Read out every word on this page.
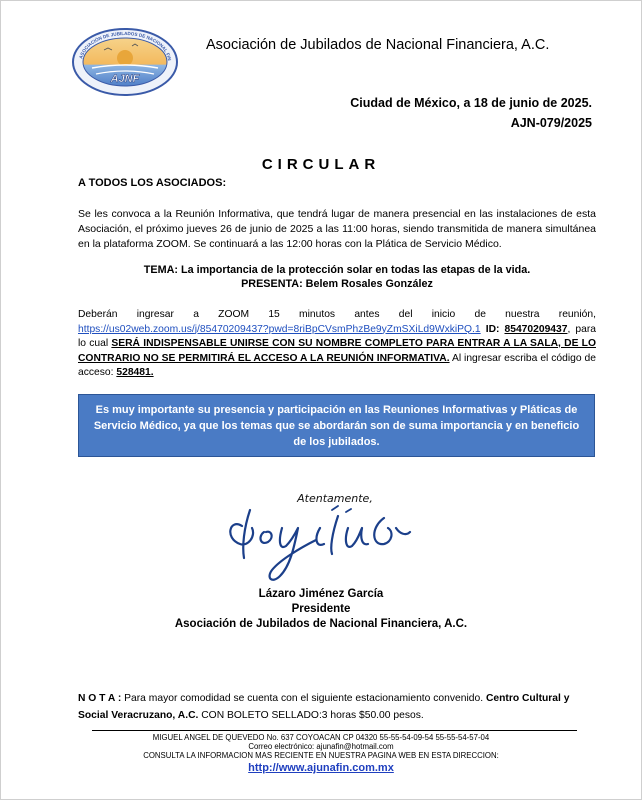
AJNF
ASOCIACIÓN DE JUBILADOS DE NACIONAL FIN
Asociación de Jubilados de Nacional Financiera, A.C.
Ciudad de México, a 18 de junio de 2025.
AJN-079/2025
CIRCULAR
A TODOS LOS ASOCIADOS:
Se les convoca a la Reunión Informativa, que tendrá lugar de manera presencial en las instalaciones de esta Asociación, el próximo jueves 26 de junio de 2025 a las 11:00 horas, siendo transmitida de manera simultánea en la plataforma ZOOM. Se continuará a las 12:00 horas con la Plática de Servicio Médico.
TEMA: La importancia de la protección solar en todas las etapas de la vida.
PRESENTA: Belem Rosales González
Deberán ingresar a ZOOM 15 minutos antes del inicio de nuestra reunión, https://us02web.zoom.us/j/85470209437?pwd=8riBpCVsmPhzBe9yZmSXiLd9WxkiPQ.1 ID: 85470209437, para lo cual SERÁ INDISPENSABLE UNIRSE CON SU NOMBRE COMPLETO PARA ENTRAR A LA SALA, DE LO CONTRARIO NO SE PERMITIRÁ EL ACCESO A LA REUNIÓN INFORMATIVA. Al ingresar escriba el código de acceso: 528481.
Es muy importante su presencia y participación en las Reuniones Informativas y Pláticas de Servicio Médico, ya que los temas que se abordarán son de suma importancia y en beneficio de los jubilados.
Atentamente,
Lázaro Jiménez García
Presidente
Asociación de Jubilados de Nacional Financiera, A.C.
N O T A : Para mayor comodidad se cuenta con el siguiente estacionamiento convenido. Centro Cultural y Social Veracruzano, A.C. CON BOLETO SELLADO:3 horas $50.00 pesos.
MIGUEL ANGEL DE QUEVEDO No. 637 COYOACAN CP 04320 55-55-54-09-54 55-55-54-57-04
Correo electrónico: ajunafin@hotmail.com
CONSULTA LA INFORMACION MAS RECIENTE EN NUESTRA PAGINA WEB EN ESTA DIRECCION:
http://www.ajunafin.com.mx
